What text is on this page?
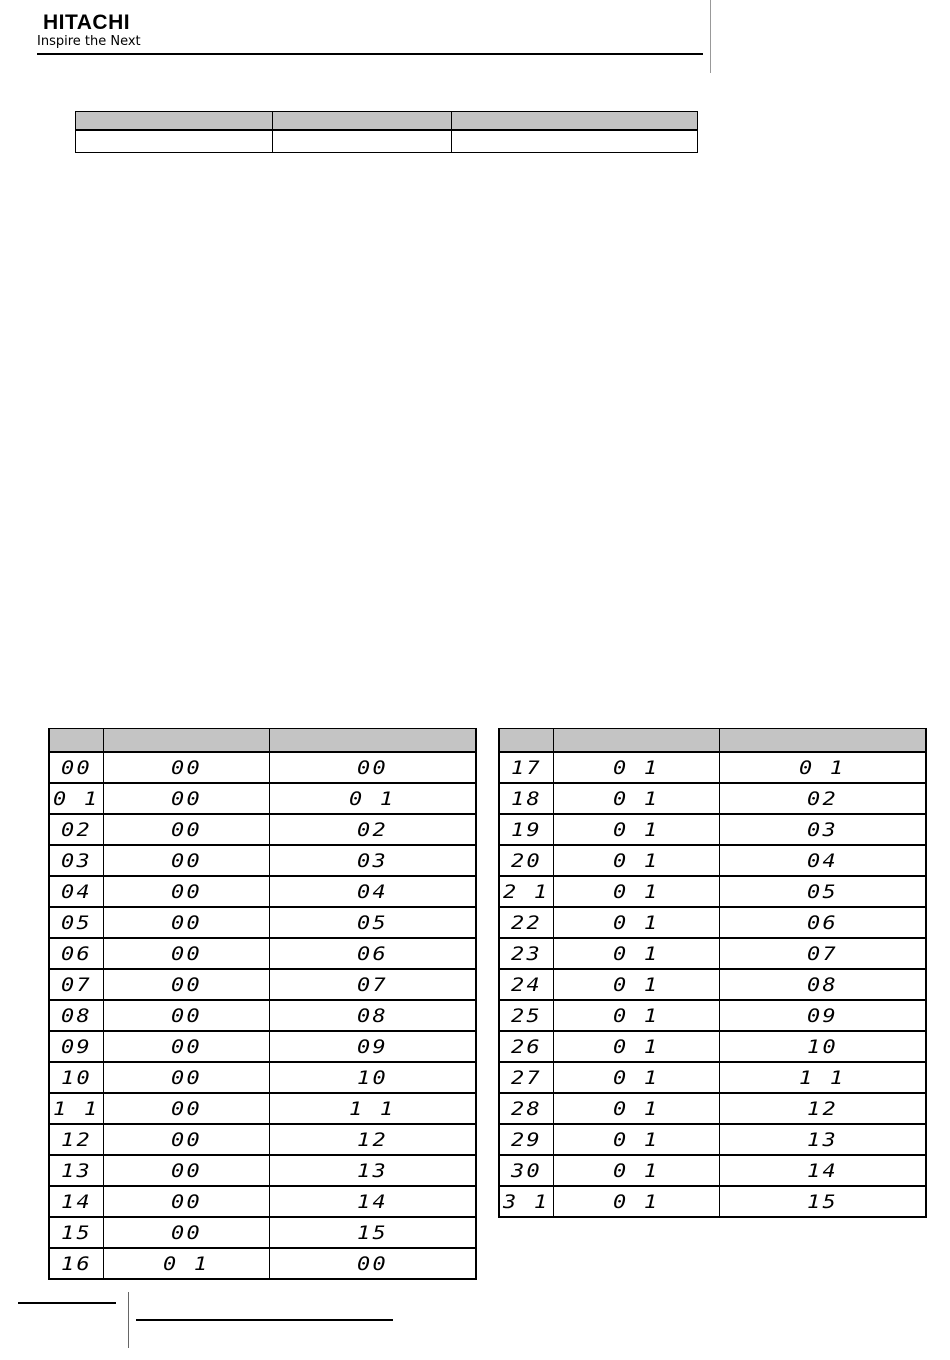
HITACHI
Inspire the Next

00	00	00
0 1	00	0 1
02	00	02
03	00	03
04	00	04
05	00	05
06	00	06
07	00	07
08	00	08
09	00	09
10	00	10
1 1	00	1 1
12	00	12
13	00	13
14	00	14
15	00	15
16	0 1	00

17	0 1	0 1
18	0 1	02
19	0 1	03
20	0 1	04
2 1	0 1	05
22	0 1	06
23	0 1	07
24	0 1	08
25	0 1	09
26	0 1	10
27	0 1	1 1
28	0 1	12
29	0 1	13
30	0 1	14
3 1	0 1	15
